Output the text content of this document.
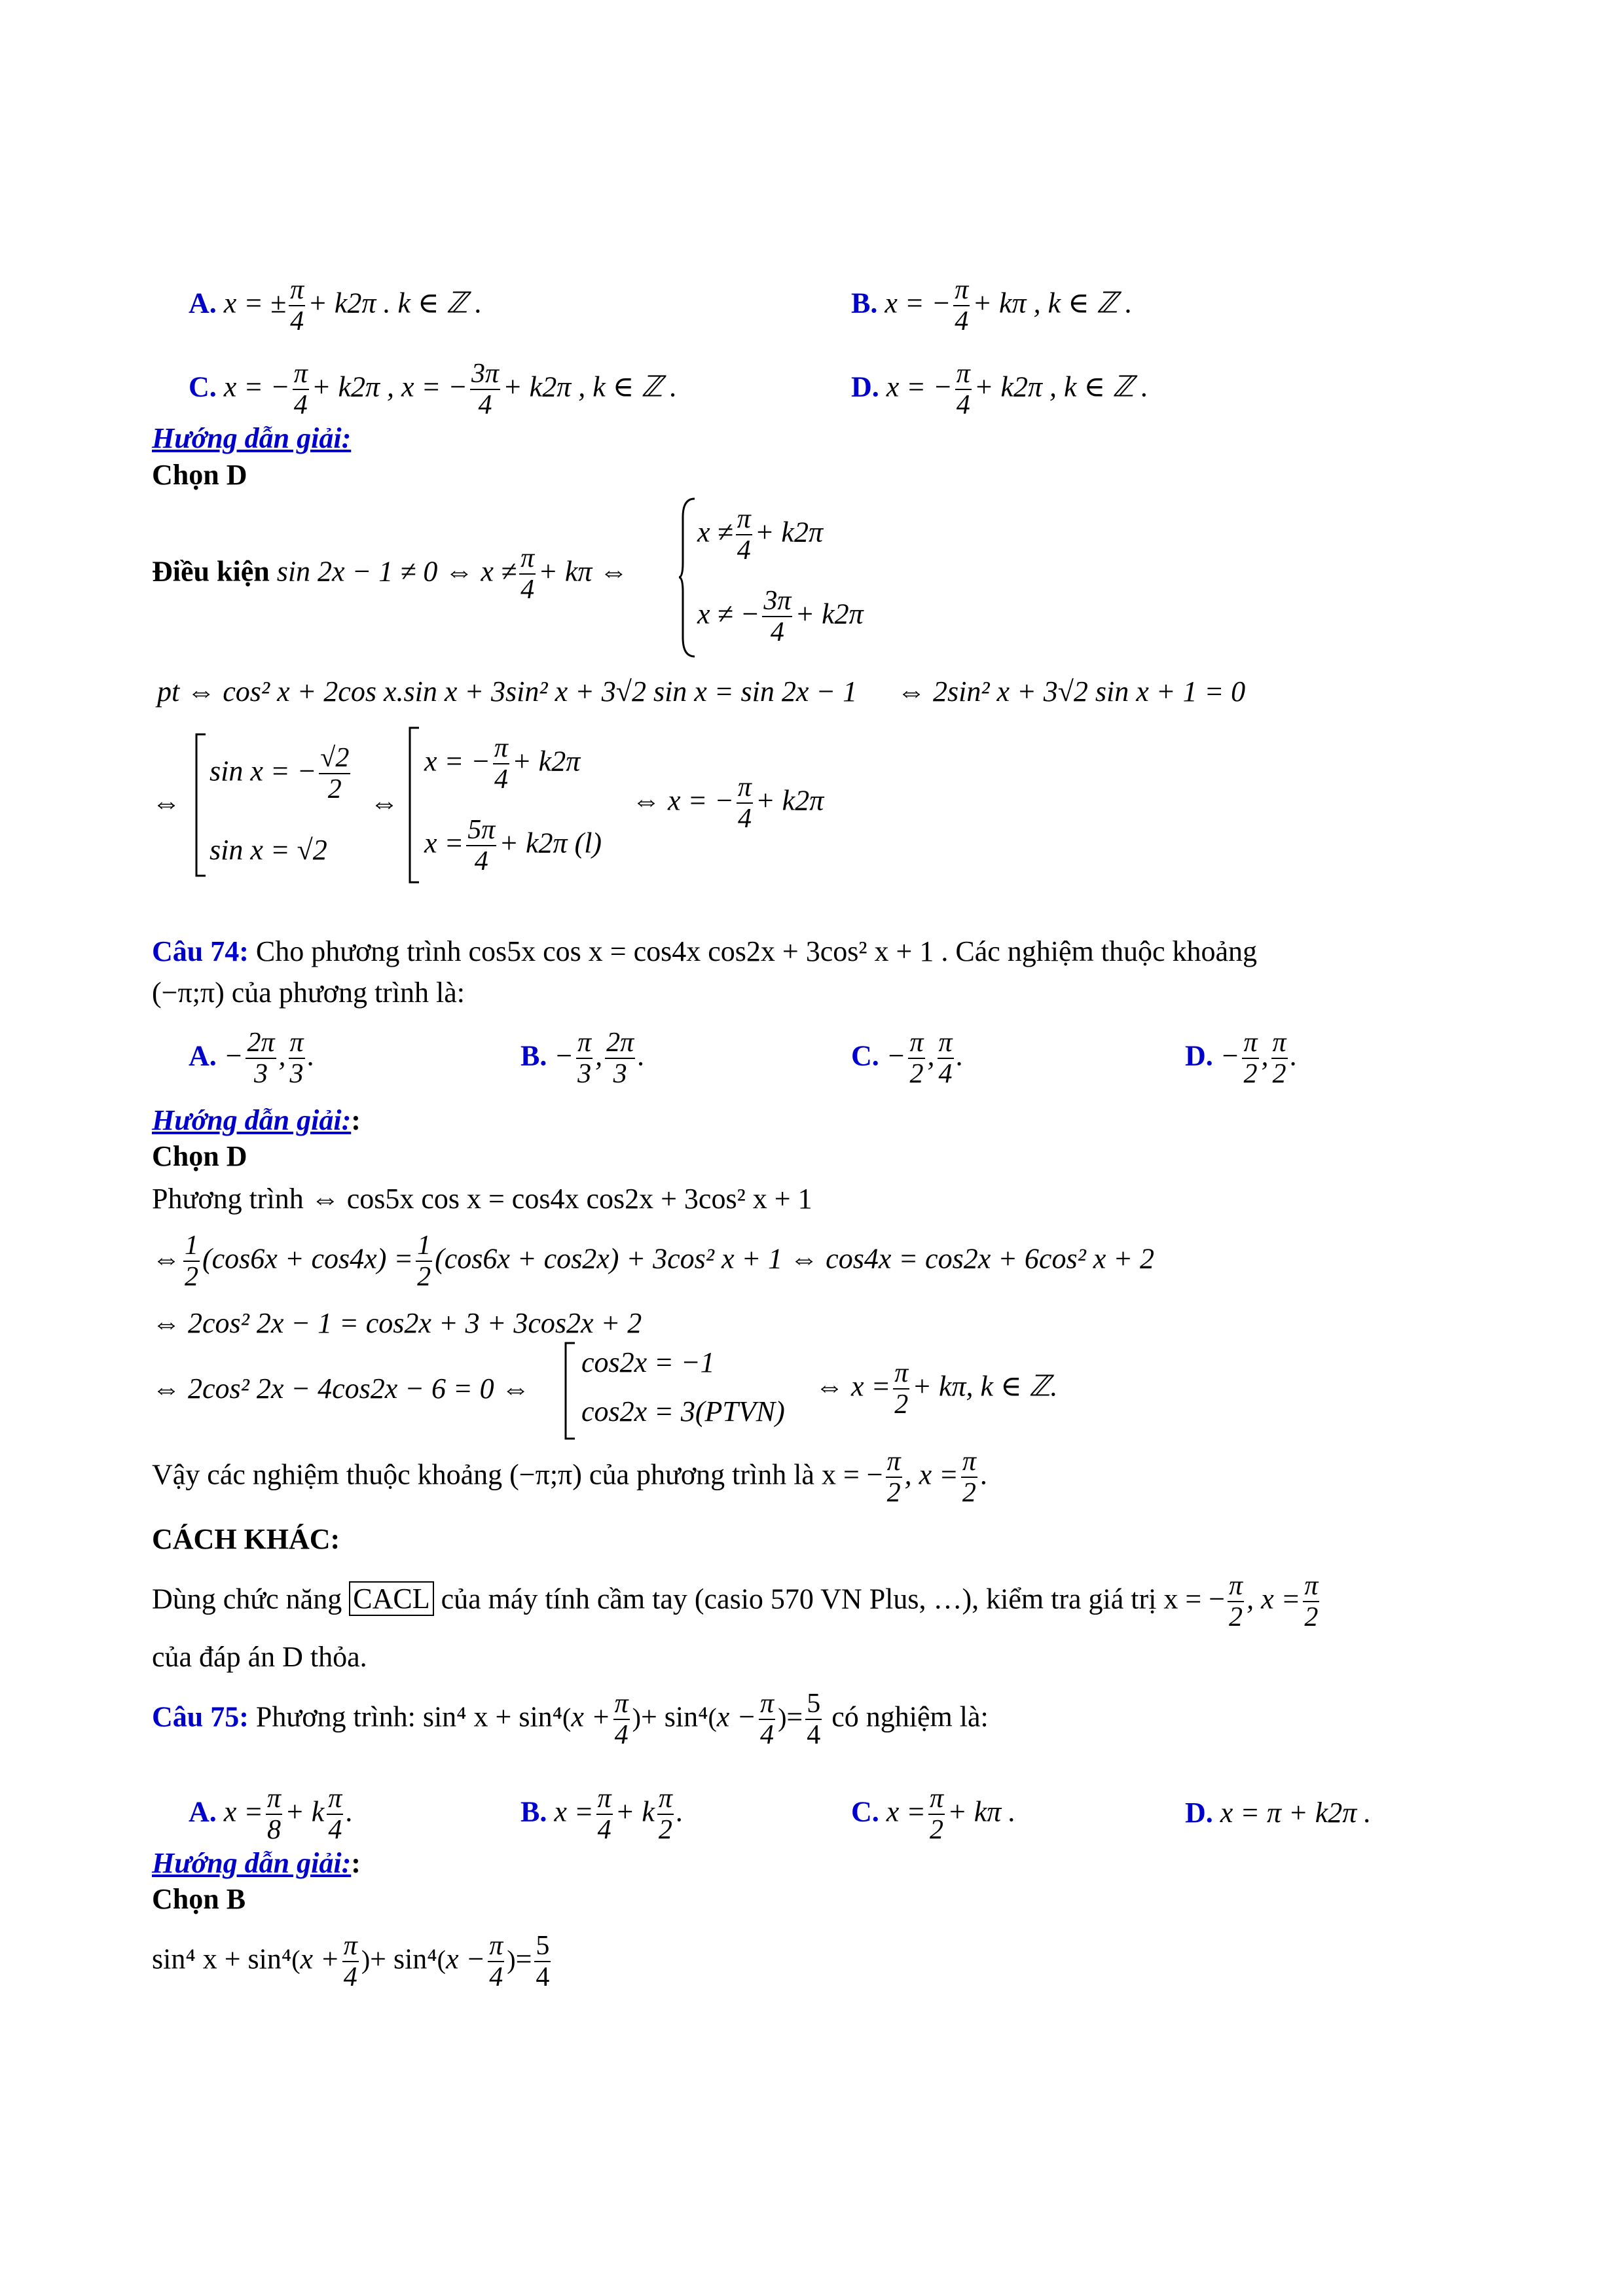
A. x = ± $\frac{\pi}{4} + k2\pi$ . k ∈ ℤ .	B. x = − $\frac{\pi}{4} + k\pi$ , k ∈ ℤ .
C. x = − $\frac{\pi}{4} + k2\pi$ , x = − $\frac{3\pi}{4} + k2\pi$ , k ∈ ℤ .	D. x = − $\frac{\pi}{4} + k2\pi$ , k ∈ ℤ .
Hướng dẫn giải:
Chọn D
Điều kiện sin 2x − 1 ≠ 0 ⇔ $x \ne \frac{\pi}{4} + k\pi$ ⇔
$x \ne \frac{\pi}{4} + k2\pi$
x ≠ − $\frac{3\pi}{4} + k2\pi$
pt ⇔ cos² x + 2cos x.sin x + 3sin² x + 3√2 sin x = sin 2x − 1 ⇔ 2sin² x + 3√2 sin x + 1 = 0
⇔
sin x = − $\frac{√2}{2}$
sin x = √2
⇔
x = − $\frac{\pi}{4} + k2\pi$
$x = \frac{5\pi}{4} + k2\pi$ (l)
⇔ x = − $\frac{\pi}{4} + k2\pi$
Câu 74: Cho phương trình cos5x cos x = cos4x cos2x + 3cos² x + 1 . Các nghiệm thuộc khoảng
(−π;π) của phương trình là:
A. − $\frac{2\pi}{3}$ , $\frac{\pi}{3}$ .	B. − $\frac{\pi}{3}$ , $\frac{2\pi}{3}$ .	C. − $\frac{\pi}{2}$ , $\frac{\pi}{4}$ .	D. − $\frac{\pi}{2}$ , $\frac{\pi}{2}$ .
Hướng dẫn giải::
Chọn D
Phương trình ⇔ cos5x cos x = cos4x cos2x + 3cos² x + 1
⇔ $\frac{1}{2} (\cos 6x + \cos 4x) = \frac{1}{2} (\cos 6x + \cos 2x) + 3\cos^2$ x + 1 ⇔ cos4x = cos2x + 6cos² x + 2
⇔ 2cos² 2x − 1 = cos2x + 3 + 3cos2x + 2
⇔ 2cos² 2x − 4cos2x − 6 = 0 ⇔
cos2x = −1
cos2x = 3(PTVN)
⇔ $x = \frac{\pi}{2} + k\pi$, k ∈ ℤ.
Vậy các nghiệm thuộc khoảng (−π;π) của phương trình là x = − $\frac{\pi}{2}$ , $x = \frac{\pi}{2}$ .
CÁCH KHÁC:
Dùng chức năng CACL của máy tính cầm tay (casio 570 VN Plus, …), kiểm tra giá trị x = − $\frac{\pi}{2}$ , $x = \frac{\pi}{2}$
của đáp án D thỏa.
Câu 75: Phương trình: sin⁴ $x + \sin^4(x + \frac{\pi}{4}$ )+ $\sin^4(x - \frac{\pi}{4}$ )= $\frac{5}{4}$ có nghiệm là:
A. $x = \frac{\pi}{8} + k \frac{\pi}{4}$ .	B. $x = \frac{\pi}{4} + k \frac{\pi}{2}$ .	C. $x = \frac{\pi}{2} + k\pi$ .	D. x = π + k2π .
Hướng dẫn giải::
Chọn B
sin⁴ $x + \sin^4(x + \frac{\pi}{4}$ )+ $\sin^4(x - \frac{\pi}{4}$ )= $\frac{5}{4}$
